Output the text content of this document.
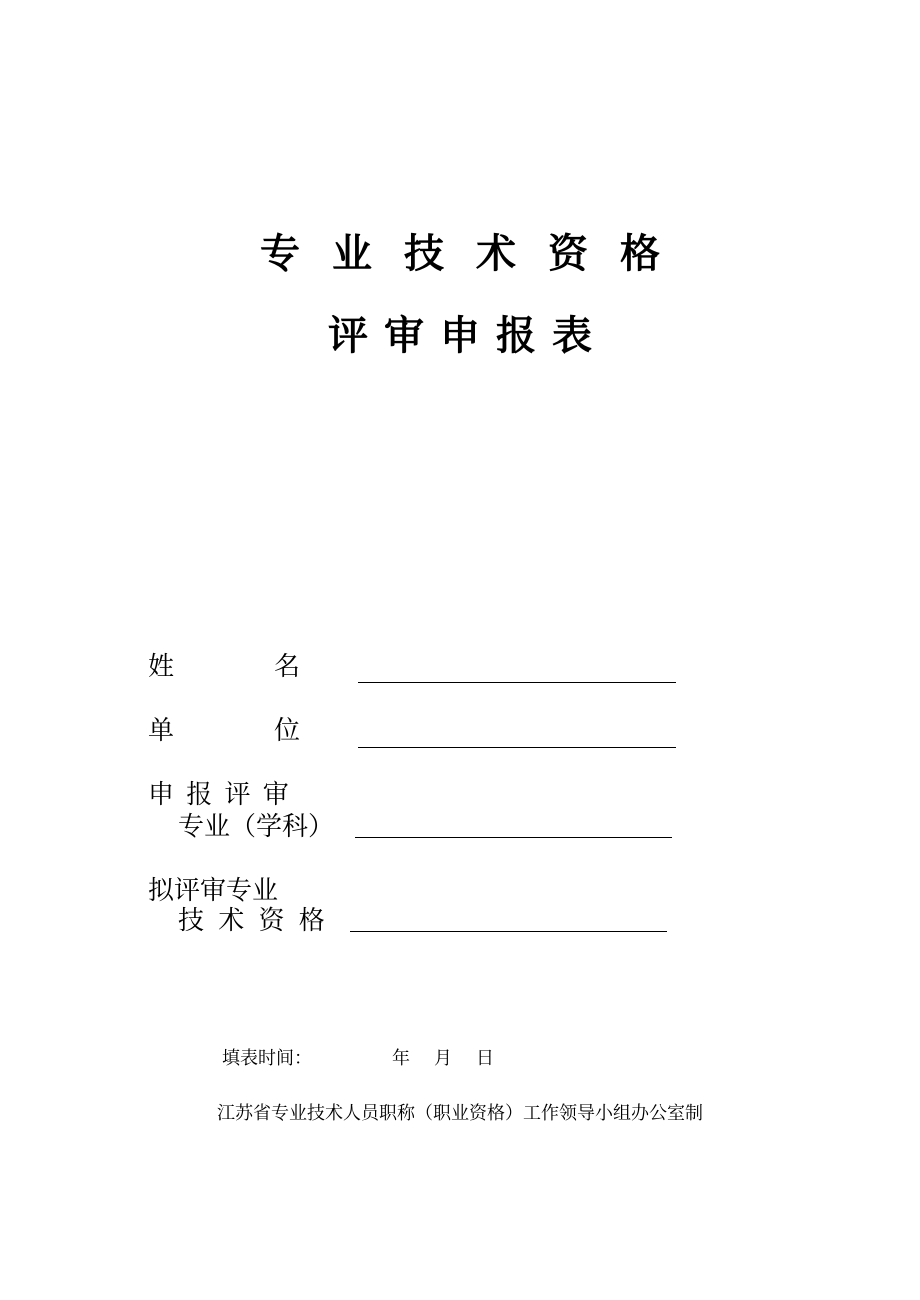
专 业 技 术 资 格
评 审 申 报 表
姓	名
单	位
申 报 评 审
专业（学科）
拟评审专业
技 术 资 格
填表时间：	年 月 日
江苏省专业技术人员职称（职业资格）工作领导小组办公室制
